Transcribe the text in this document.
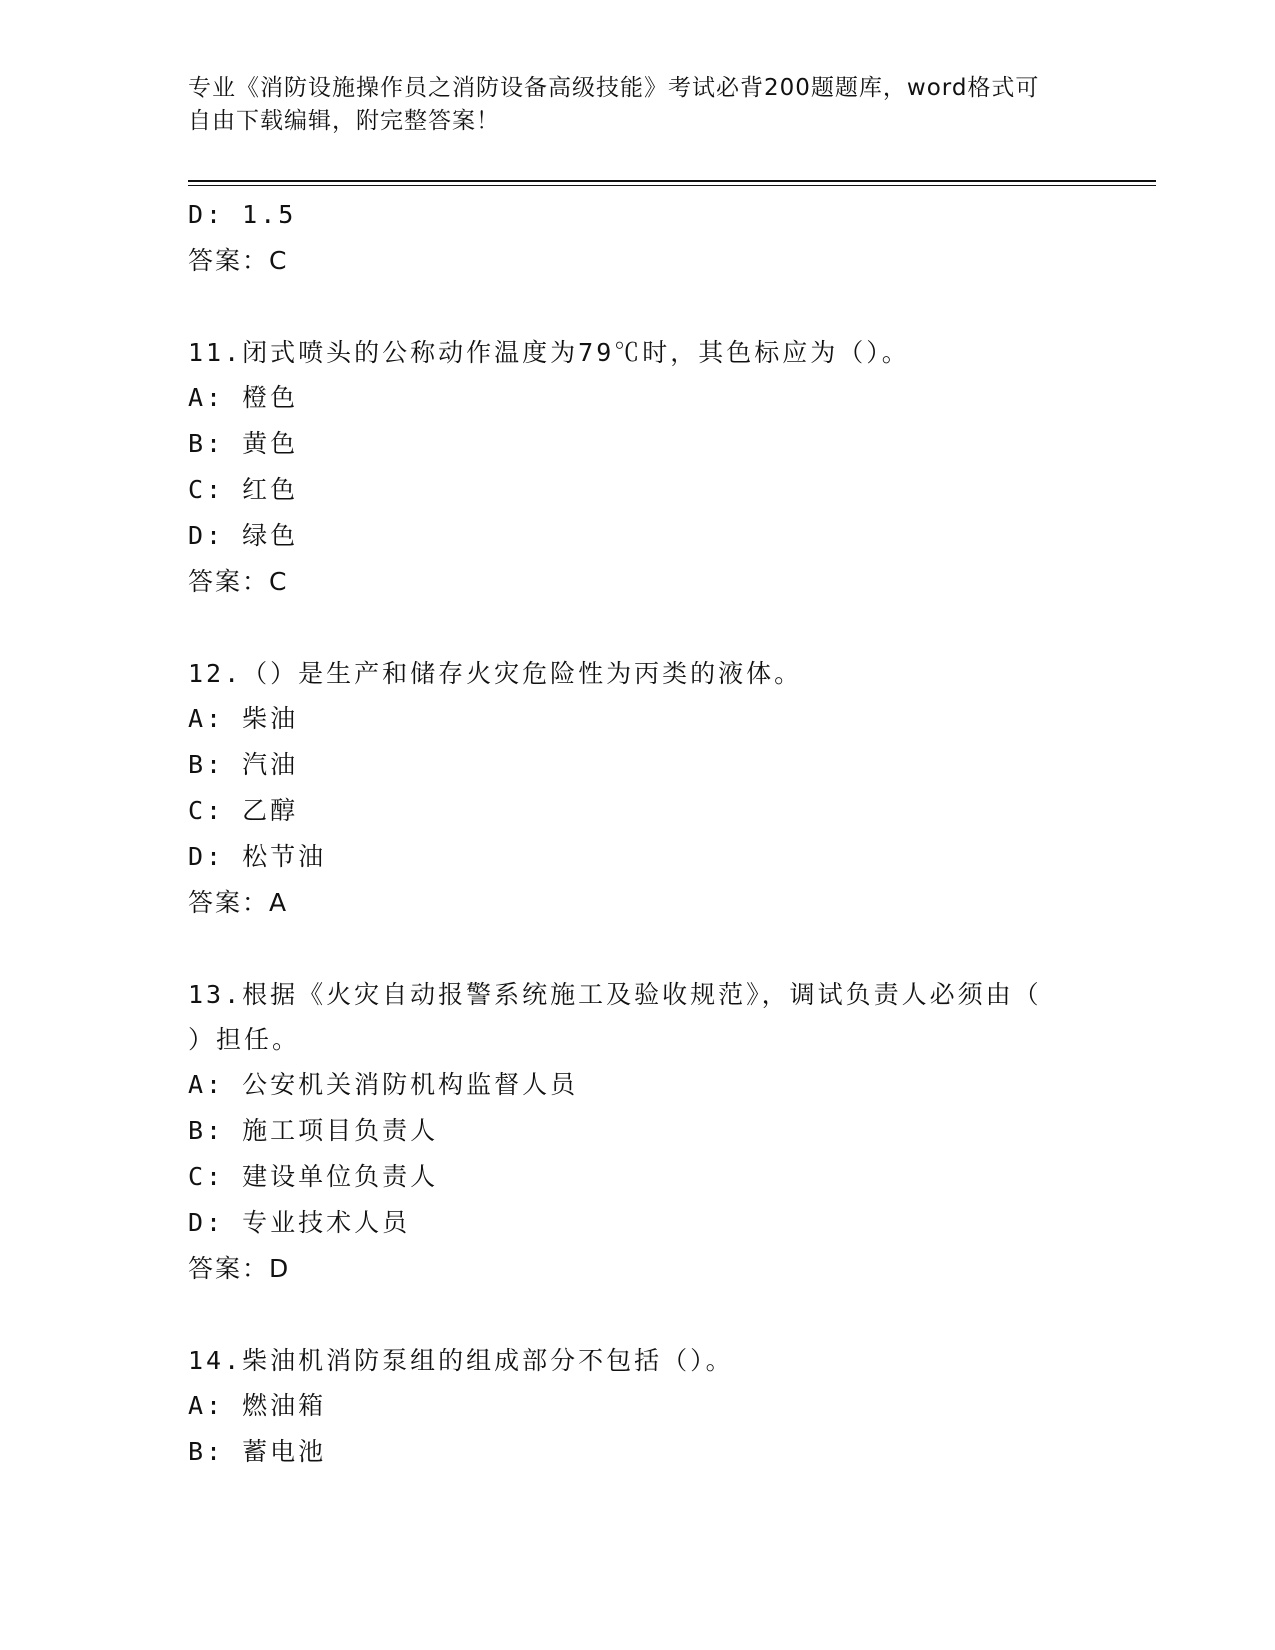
专业《消防设施操作员之消防设备高级技能》考试必背200题题库，word格式可
自由下载编辑，附完整答案！
D: 1.5
答案：C
11.闭式喷头的公称动作温度为79℃时，其色标应为（）。
A: 橙色
B: 黄色
C: 红色
D: 绿色
答案：C
12.（）是生产和储存火灾危险性为丙类的液体。
A: 柴油
B: 汽油
C: 乙醇
D: 松节油
答案：A
13.根据《火灾自动报警系统施工及验收规范》，调试负责人必须由（
）担任。
A: 公安机关消防机构监督人员
B: 施工项目负责人
C: 建设单位负责人
D: 专业技术人员
答案：D
14.柴油机消防泵组的组成部分不包括（）。
A: 燃油箱
B: 蓄电池
